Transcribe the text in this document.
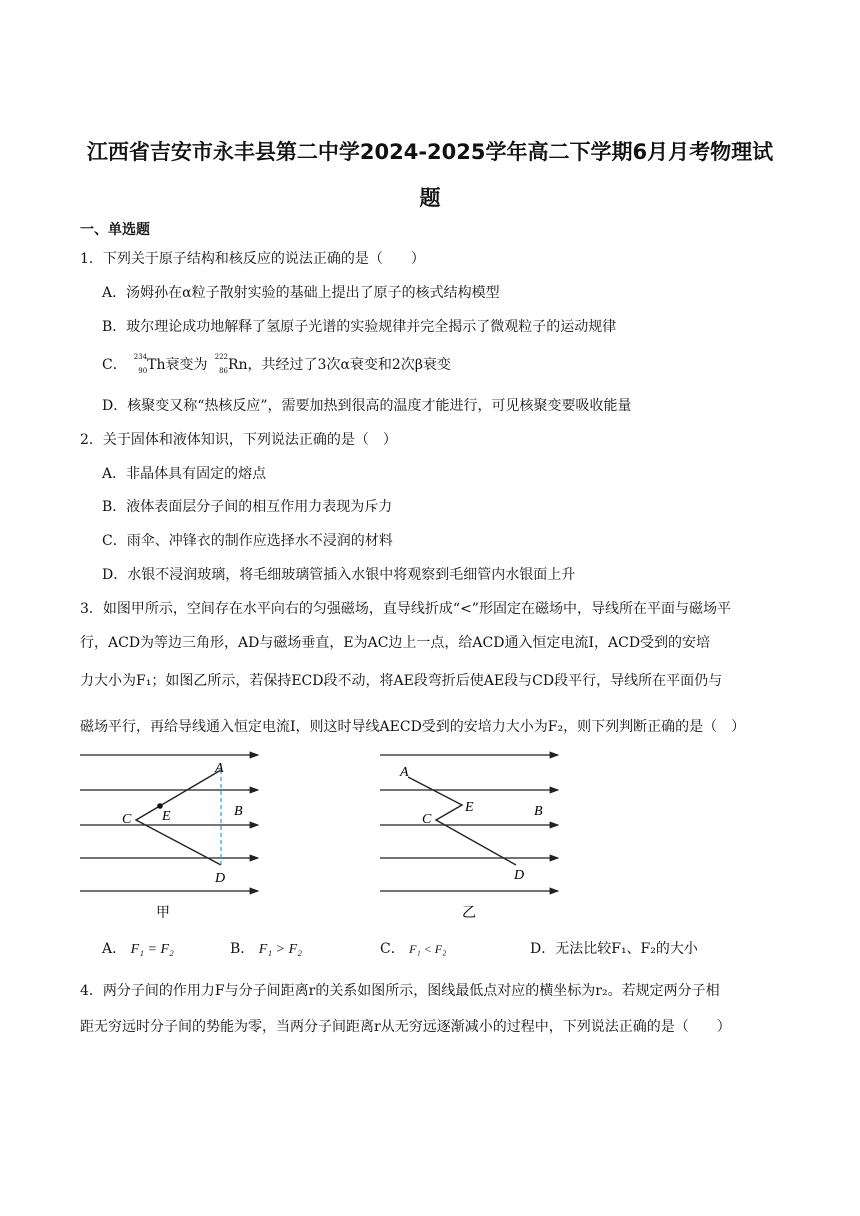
江西省吉安市永丰县第二中学2024-2025学年高二下学期6月月考物理试
题
一、单选题
1．下列关于原子结构和核反应的说法正确的是（　　）
A．汤姆孙在α粒子散射实验的基础上提出了原子的核式结构模型
B．玻尔理论成功地解释了氢原子光谱的实验规律并完全揭示了微观粒子的运动规律
C． 234
90 Th衰变为 222
86 Rn，共经过了3次α衰变和2次β衰变
D．核聚变又称“热核反应”，需要加热到很高的温度才能进行，可见核聚变要吸收能量
2．关于固体和液体知识，下列说法正确的是（　）
A．非晶体具有固定的熔点
B．液体表面层分子间的相互作用力表现为斥力
C．雨伞、冲锋衣的制作应选择水不浸润的材料
D．水银不浸润玻璃，将毛细玻璃管插入水银中将观察到毛细管内水银面上升
3．如图甲所示，空间存在水平向右的匀强磁场，直导线折成“<”形固定在磁场中，导线所在平面与磁场平
行，ACD为等边三角形，AD与磁场垂直，E为AC边上一点，给ACD通入恒定电流I，ACD受到的安培
力大小为F₁；如图乙所示，若保持ECD段不动，将AE段弯折后使AE段与CD段平行，导线所在平面仍与
磁场平行，再给导线通入恒定电流I，则这时导线AECD受到的安培力大小为F₂，则下列判断正确的是（　）
A
C E	B
D
甲
A
E
C
B
D
乙
A． F₁ = F₂	B． F₁ > F₂	C． F₁ < F₂	D．无法比较F₁、F₂的大小
4．两分子间的作用力F与分子间距离r的关系如图所示，图线最低点对应的横坐标为r₂。若规定两分子相
距无穷远时分子间的势能为零，当两分子间距离r从无穷远逐渐减小的过程中，下列说法正确的是（　　）
